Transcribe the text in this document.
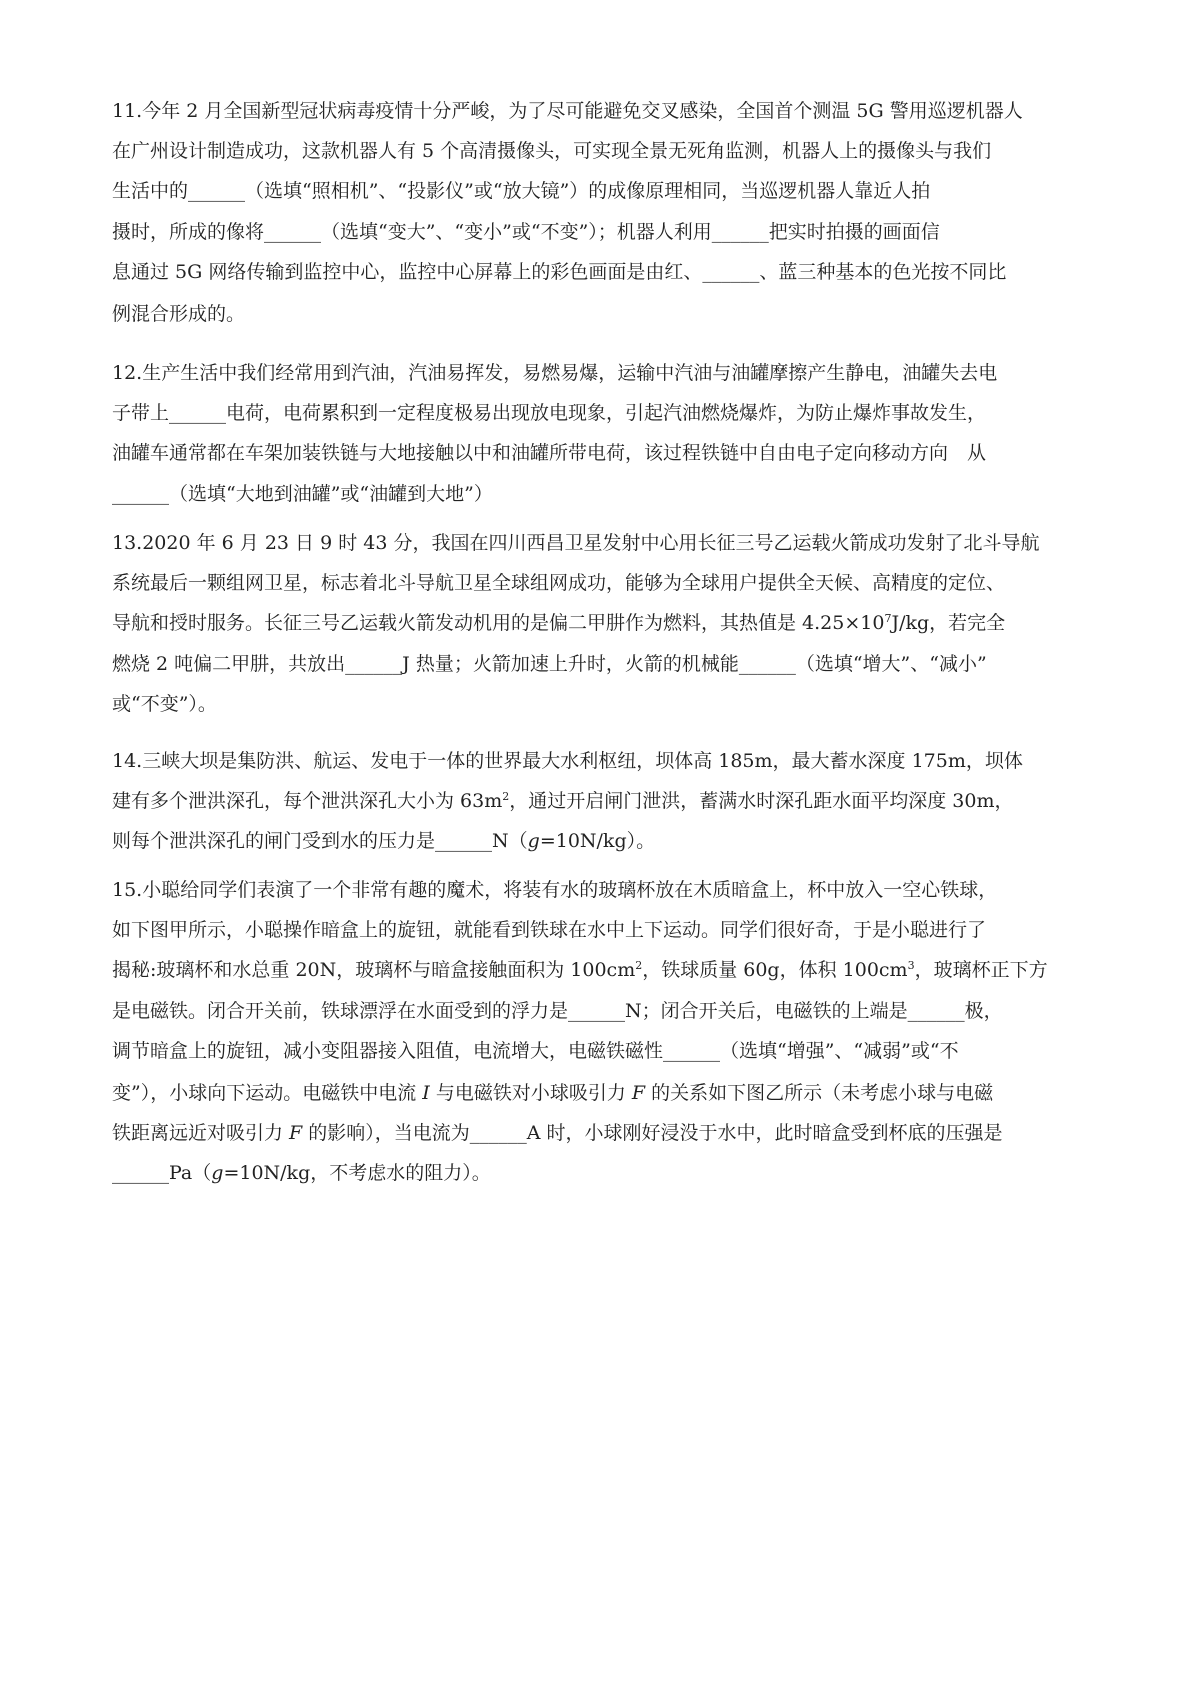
11.今年 2 月全国新型冠状病毒疫情十分严峻，为了尽可能避免交叉感染，全国首个测温 5G 警用巡逻机器人
在广州设计制造成功，这款机器人有 5 个高清摄像头，可实现全景无死角监测，机器人上的摄像头与我们
生活中的______（选填“照相机”、“投影仪”或“放大镜”）的成像原理相同，当巡逻机器人靠近人拍
摄时，所成的像将______（选填“变大”、“变小”或“不变”）；机器人利用______把实时拍摄的画面信
息通过 5G 网络传输到监控中心，监控中心屏幕上的彩色画面是由红、______、蓝三种基本的色光按不同比
例混合形成的。
12.生产生活中我们经常用到汽油，汽油易挥发，易燃易爆，运输中汽油与油罐摩擦产生静电，油罐失去电
子带上______电荷，电荷累积到一定程度极易出现放电现象，引起汽油燃烧爆炸，为防止爆炸事故发生，
油罐车通常都在车架加装铁链与大地接触以中和油罐所带电荷，该过程铁链中自由电子定向移动方向　从
______（选填“大地到油罐”或“油罐到大地”）
13.2020 年 6 月 23 日 9 时 43 分，我国在四川西昌卫星发射中心用长征三号乙运载火箭成功发射了北斗导航
系统最后一颗组网卫星，标志着北斗导航卫星全球组网成功，能够为全球用户提供全天候、高精度的定位、
导航和授时服务。长征三号乙运载火箭发动机用的是偏二甲肼作为燃料，其热值是 $4.25\times 10^7J/kg$，若完全
燃烧 2 吨偏二甲肼，共放出______J 热量；火箭加速上升时，火箭的机械能______（选填“增大”、“减小”
或“不变”）。
14.三峡大坝是集防洪、航运、发电于一体的世界最大水利枢纽，坝体高 185m，最大蓄水深度 175m，坝体
建有多个泄洪深孔，每个泄洪深孔大小为 $63m^2$，通过开启闸门泄洪，蓄满水时深孔距水面平均深度 30m，
则每个泄洪深孔的闸门受到水的压力是______N（g=10N/kg）。
15.小聪给同学们表演了一个非常有趣的魔术，将装有水的玻璃杯放在木质暗盒上，杯中放入一空心铁球，
如下图甲所示，小聪操作暗盒上的旋钮，就能看到铁球在水中上下运动。同学们很好奇，于是小聪进行了
揭秘:玻璃杯和水总重 20N，玻璃杯与暗盒接触面积为 $100cm^2$，铁球质量 60g，体积 $100cm^3$，玻璃杯正下方
是电磁铁。闭合开关前，铁球漂浮在水面受到的浮力是______N；闭合开关后，电磁铁的上端是______极，
调节暗盒上的旋钮，减小变阻器接入阻值，电流增大，电磁铁磁性______（选填“增强”、“减弱”或“不
变”），小球向下运动。电磁铁中电流 I 与电磁铁对小球吸引力 F 的关系如下图乙所示（未考虑小球与电磁
铁距离远近对吸引力 F 的影响），当电流为______A 时，小球刚好浸没于水中，此时暗盒受到杯底的压强是
______Pa（g=10N/kg，不考虑水的阻力）。
